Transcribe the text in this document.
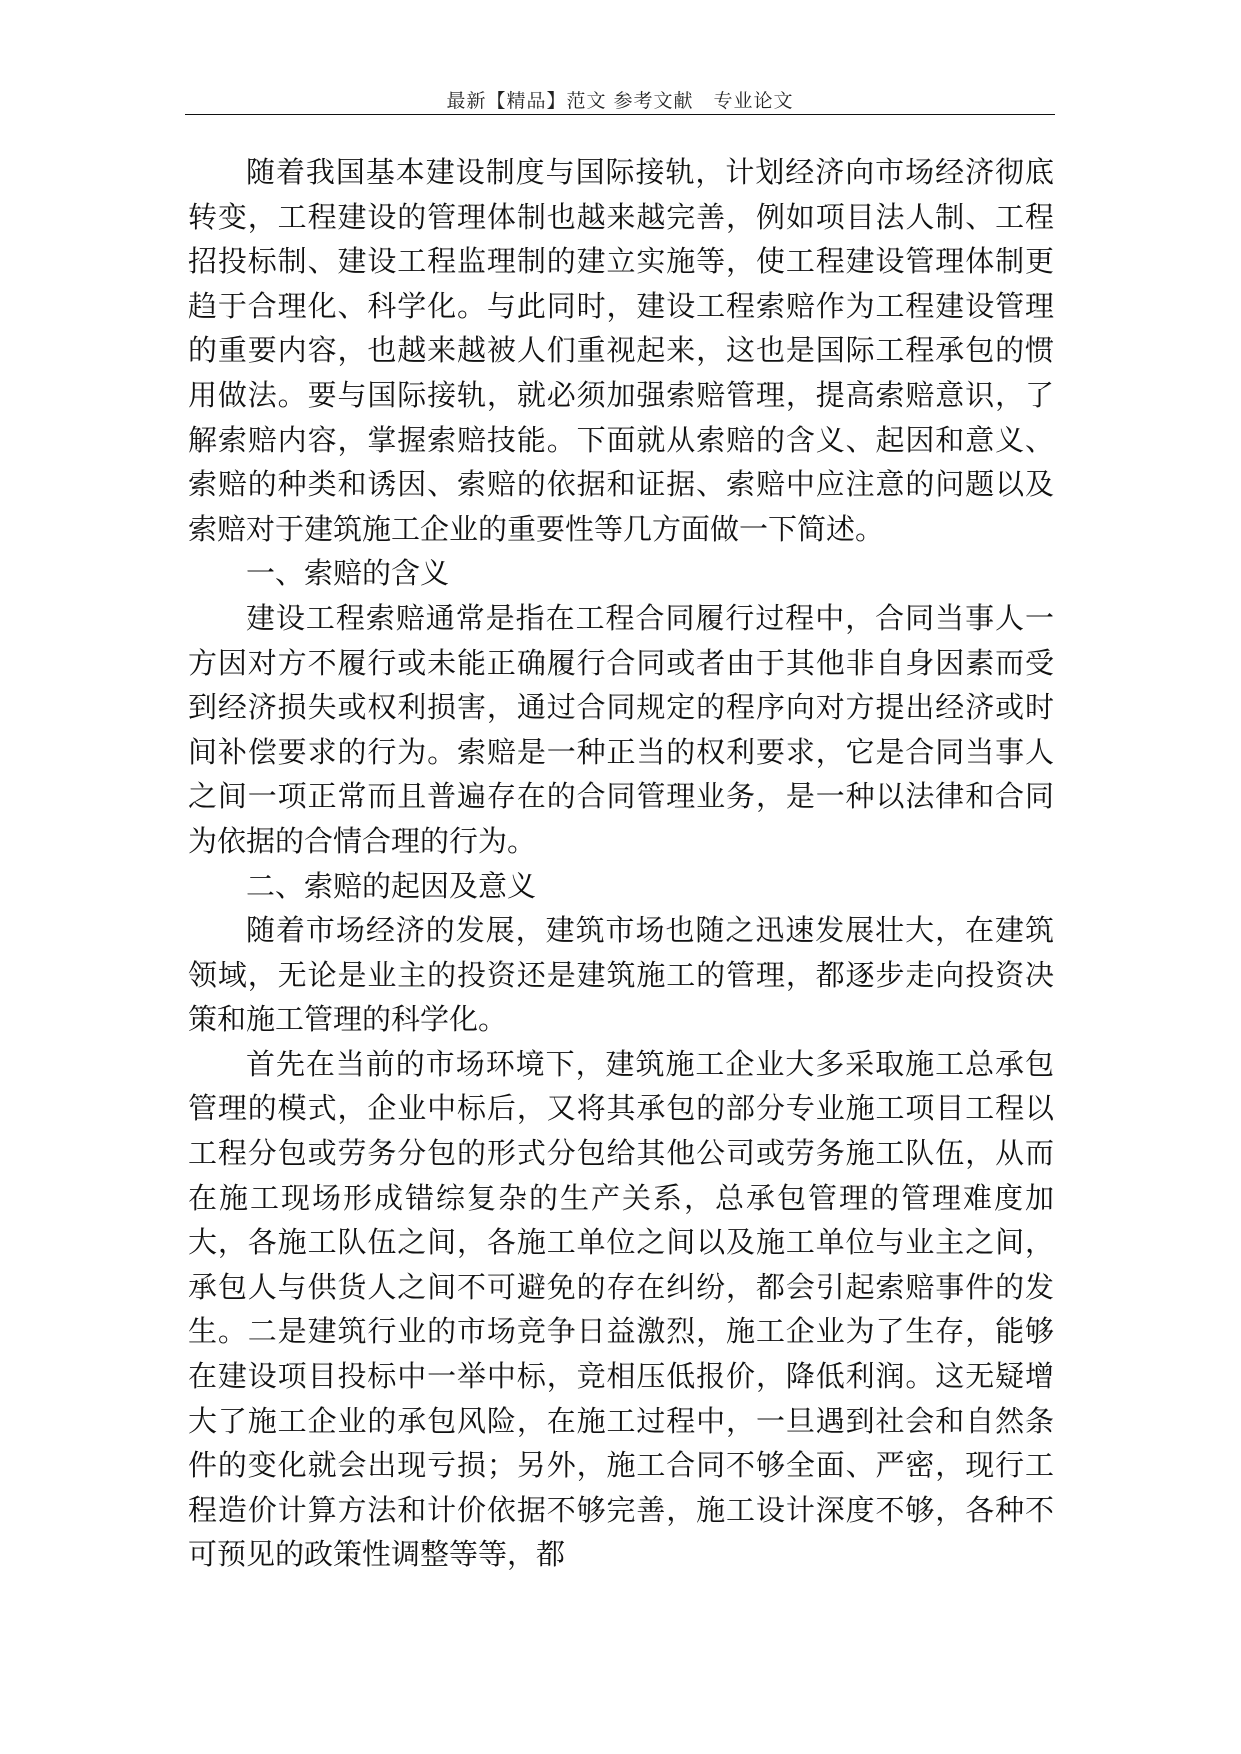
最新【精品】范文 参考文献　专业论文

随着我国基本建设制度与国际接轨，计划经济向市场经济彻底转变，工程建设的管理体制也越来越完善，例如项目法人制、工程招投标制、建设工程监理制的建立实施等，使工程建设管理体制更趋于合理化、科学化。与此同时，建设工程索赔作为工程建设管理的重要内容，也越来越被人们重视起来，这也是国际工程承包的惯用做法。要与国际接轨，就必须加强索赔管理，提高索赔意识，了解索赔内容，掌握索赔技能。下面就从索赔的含义、起因和意义、索赔的种类和诱因、索赔的依据和证据、索赔中应注意的问题以及索赔对于建筑施工企业的重要性等几方面做一下简述。

一、索赔的含义

建设工程索赔通常是指在工程合同履行过程中，合同当事人一方因对方不履行或未能正确履行合同或者由于其他非自身因素而受到经济损失或权利损害，通过合同规定的程序向对方提出经济或时间补偿要求的行为。索赔是一种正当的权利要求，它是合同当事人之间一项正常而且普遍存在的合同管理业务，是一种以法律和合同为依据的合情合理的行为。

二、索赔的起因及意义

随着市场经济的发展，建筑市场也随之迅速发展壮大，在建筑领域，无论是业主的投资还是建筑施工的管理，都逐步走向投资决策和施工管理的科学化。

首先在当前的市场环境下，建筑施工企业大多采取施工总承包管理的模式，企业中标后，又将其承包的部分专业施工项目工程以工程分包或劳务分包的形式分包给其他公司或劳务施工队伍，从而在施工现场形成错综复杂的生产关系，总承包管理的管理难度加大，各施工队伍之间，各施工单位之间以及施工单位与业主之间，承包人与供货人之间不可避免的存在纠纷，都会引起索赔事件的发生。二是建筑行业的市场竞争日益激烈，施工企业为了生存，能够在建设项目投标中一举中标，竞相压低报价，降低利润。这无疑增大了施工企业的承包风险，在施工过程中，一旦遇到社会和自然条件的变化就会出现亏损；另外，施工合同不够全面、严密，现行工程造价计算方法和计价依据不够完善，施工设计深度不够，各种不可预见的政策性调整等等，都
